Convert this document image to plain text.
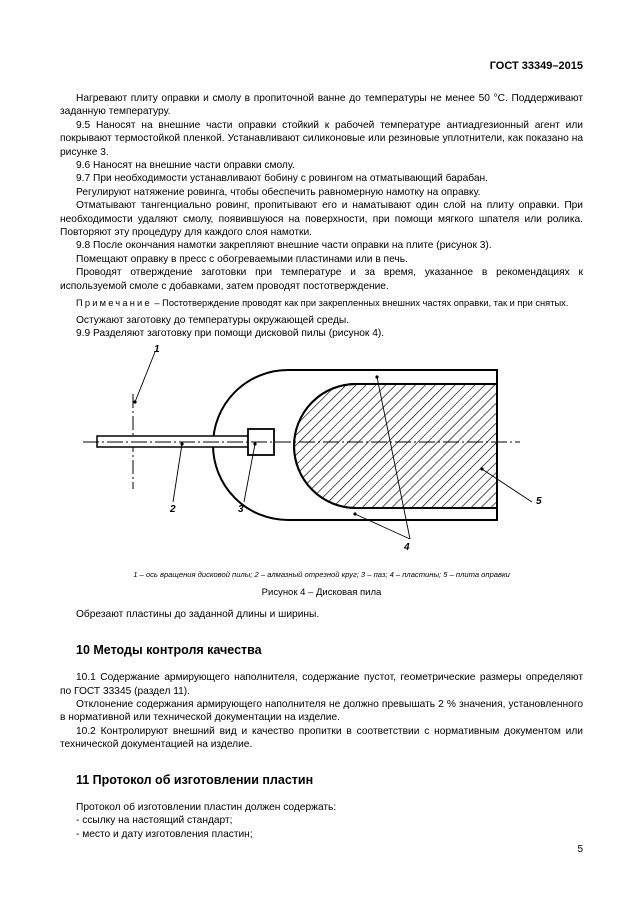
ГОСТ 33349–2015

Нагревают плиту оправки и смолу в пропиточной ванне до температуры не менее 50 °С. Поддерживают заданную температуру.

9.5 Наносят на внешние части оправки стойкий к рабочей температуре антиадгезионный агент или покрывают термостойкой пленкой. Устанавливают силиконовые или резиновые уплотнители, как показано на рисунке 3.

9.6 Наносят на внешние части оправки смолу.

9.7 При необходимости устанавливают бобину с ровингом на отматывающий барабан.

Регулируют натяжение ровинга, чтобы обеспечить равномерную намотку на оправку.

Отматывают тангенциально ровинг, пропитывают его и наматывают один слой на плиту оправки. При необходимости удаляют смолу, появившуюся на поверхности, при помощи мягкого шпателя или ролика. Повторяют эту процедуру для каждого слоя намотки.

9.8 После окончания намотки закрепляют внешние части оправки на плите (рисунок 3).

Помещают оправку в пресс с обогреваемыми пластинами или в печь.

Проводят отверждение заготовки при температуре и за время, указанное в рекомендациях к используемой смоле с добавками, затем проводят постотверждение.

Примечание – Постотверждение проводят как при закрепленных внешних частях оправки, так и при снятых.

Остужают заготовку до температуры окружающей среды.

9.9 Разделяют заготовку при помощи дисковой пилы (рисунок 4).

1
2	3
4
5

1 – ось вращения дисковой пилы; 2 – алмазный отрезной круг; 3 – паз; 4 – пластины; 5 – плита оправки

Рисунок 4 – Дисковая пила

Обрезают пластины до заданной длины и ширины.

10 Методы контроля качества

10.1 Содержание армирующего наполнителя, содержание пустот, геометрические размеры определяют по ГОСТ 33345 (раздел 11).

Отклонение содержания армирующего наполнителя не должно превышать 2 % значения, установленного в нормативной или технической документации на изделие.

10.2 Контролируют внешний вид и качество пропитки в соответствии с нормативным документом или технической документацией на изделие.

11 Протокол об изготовлении пластин

Протокол об изготовлении пластин должен содержать:

- ссылку на настоящий стандарт;

- место и дату изготовления пластин;

5
